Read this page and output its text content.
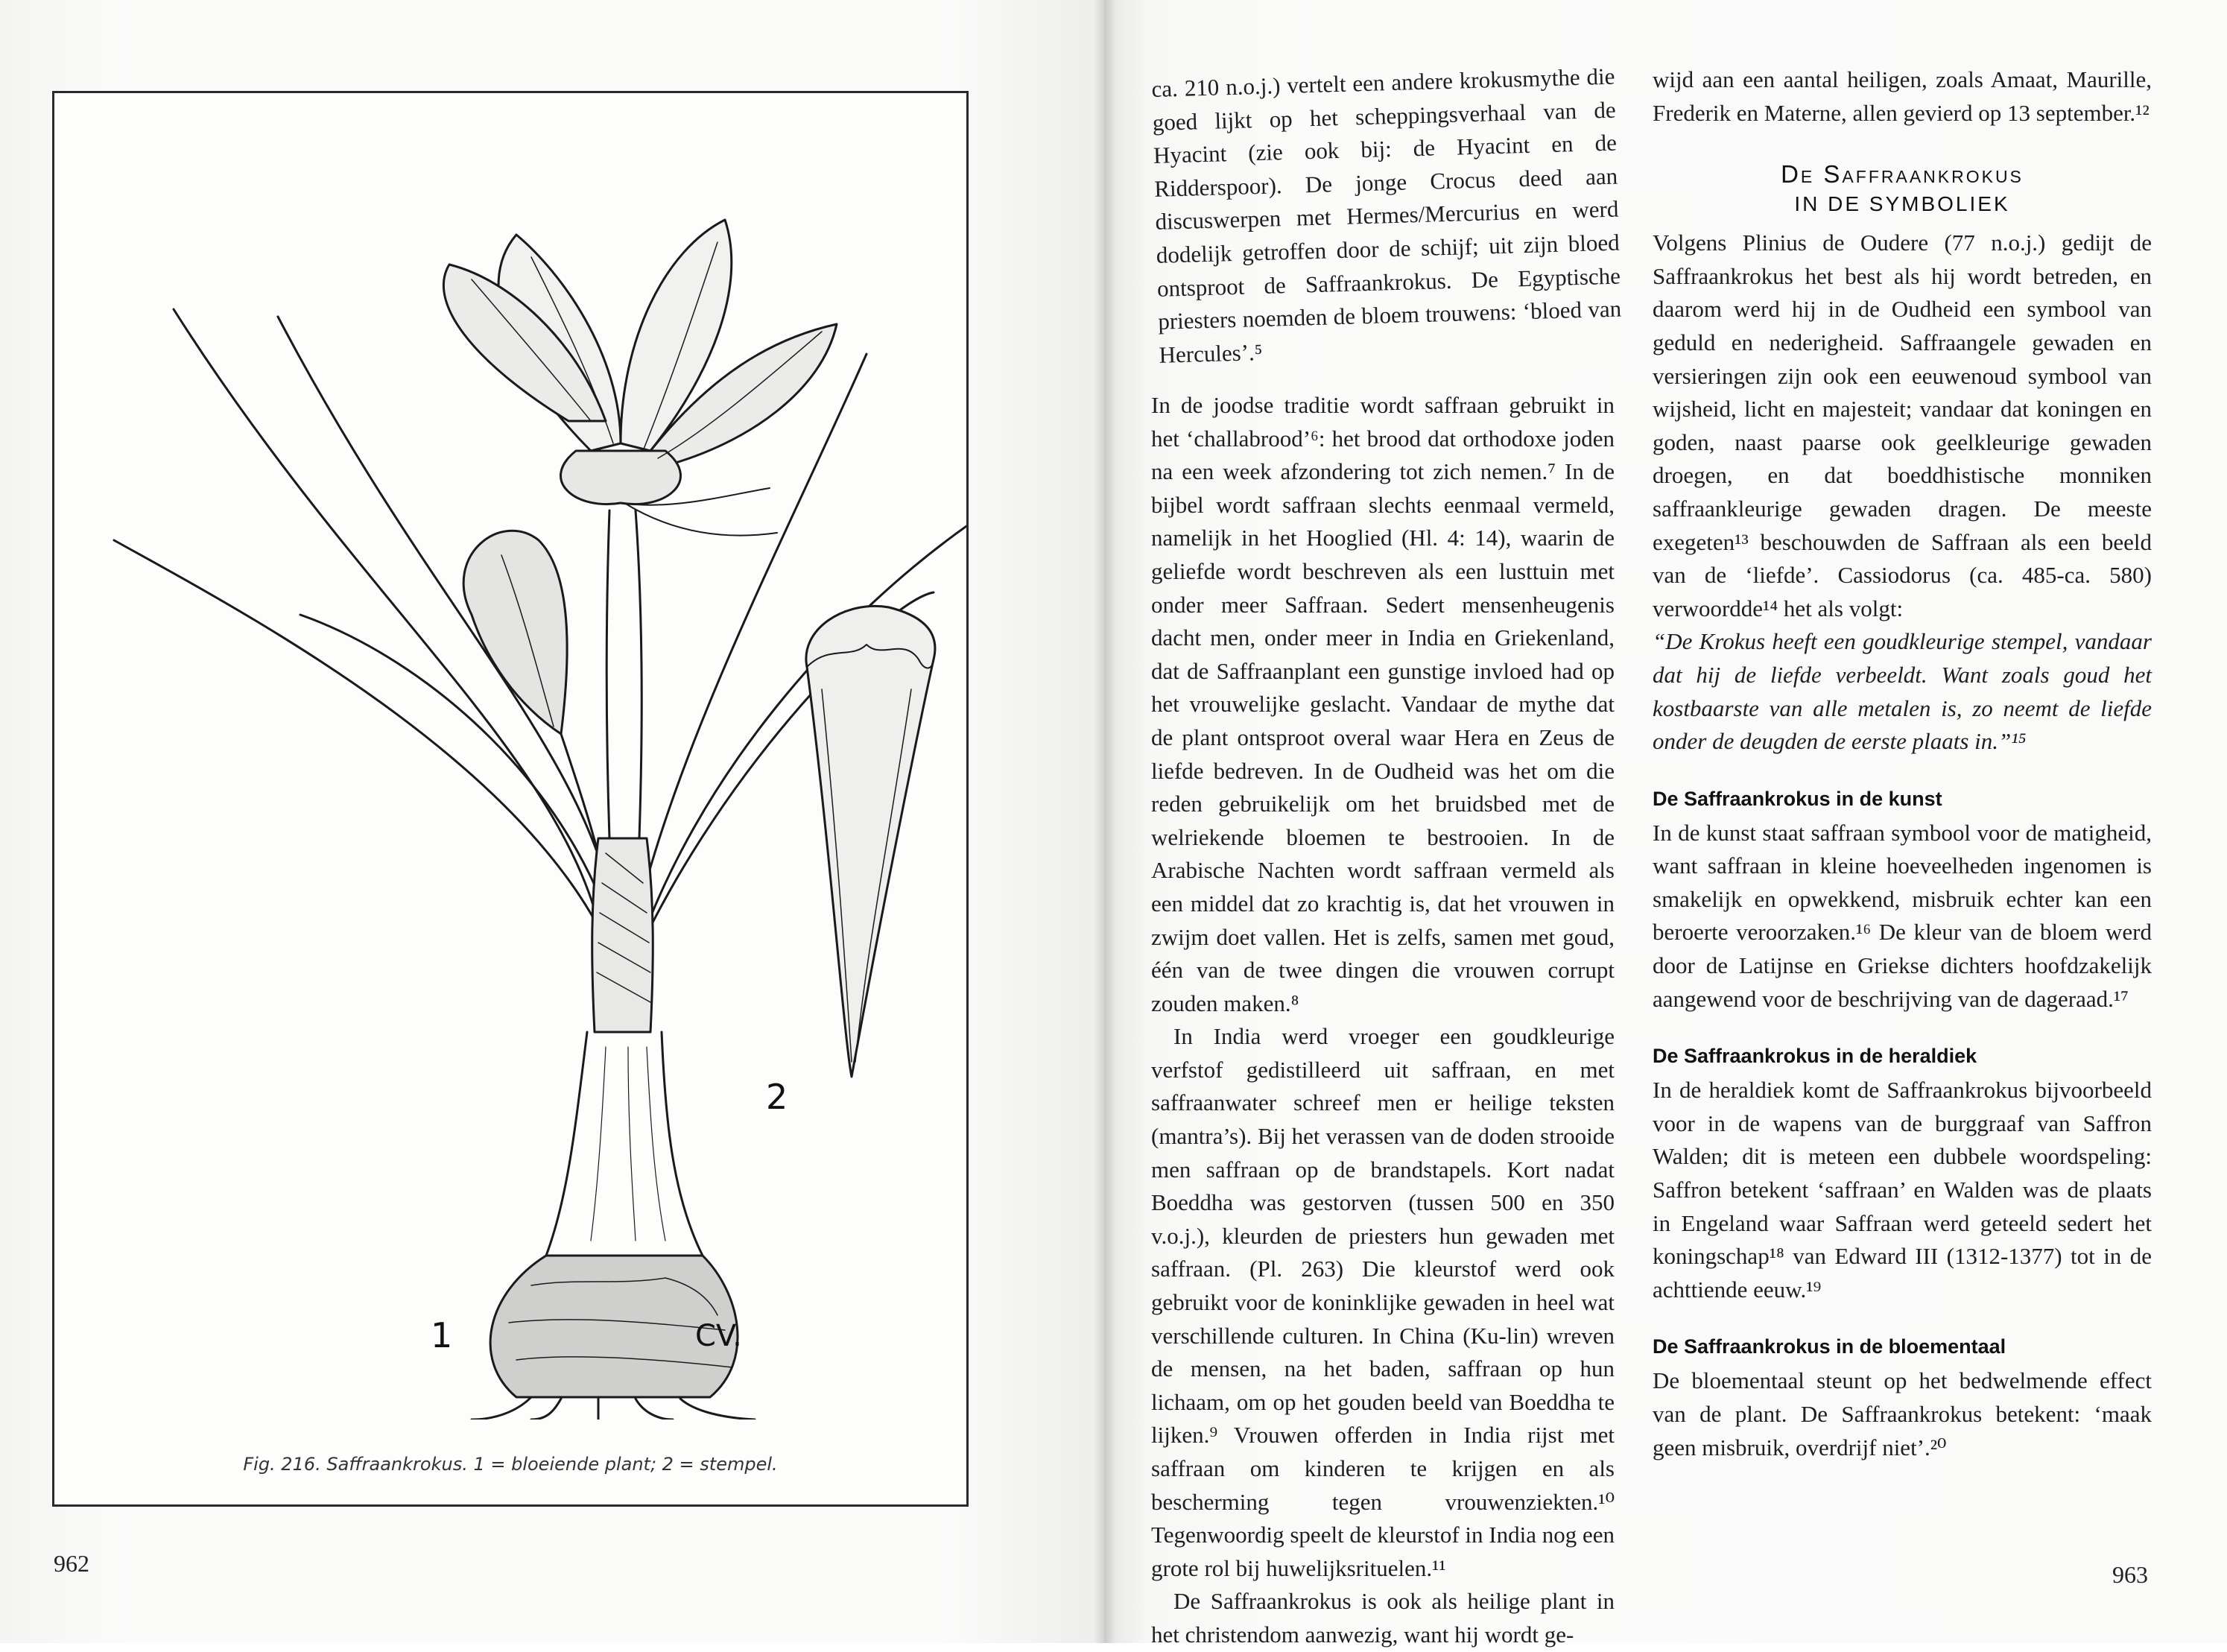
1
2
CV.
Fig. 216. Saffraankrokus. 1 = bloeiende plant; 2 = stempel.
962

ca. 210 n.o.j.) vertelt een andere krokusmythe die goed lijkt op het scheppingsverhaal van de Hyacint (zie ook bij: de Hyacint en de Ridderspoor). De jonge Crocus deed aan discuswerpen met Hermes/Mercurius en werd dodelijk getroffen door de schijf; uit zijn bloed ontsproot de Saffraankrokus. De Egyptische priesters noemden de bloem trouwens: ‘bloed van Hercules’.⁵

In de joodse traditie wordt saffraan gebruikt in het ‘challabrood’⁶: het brood dat orthodoxe joden na een week afzondering tot zich nemen.⁷ In de bijbel wordt saffraan slechts eenmaal vermeld, namelijk in het Hooglied (Hl. 4: 14), waarin de geliefde wordt beschreven als een lusttuin met onder meer Saffraan. Sedert mensenheugenis dacht men, onder meer in India en Griekenland, dat de Saffraanplant een gunstige invloed had op het vrouwelijke geslacht. Vandaar de mythe dat de plant ontsproot overal waar Hera en Zeus de liefde bedreven. In de Oudheid was het om die reden gebruikelijk om het bruidsbed met de welriekende bloemen te bestrooien. In de Arabische Nachten wordt saffraan vermeld als een middel dat zo krachtig is, dat het vrouwen in zwijm doet vallen. Het is zelfs, samen met goud, één van de twee dingen die vrouwen corrupt zouden maken.⁸

In India werd vroeger een goudkleurige verfstof gedistilleerd uit saffraan, en met saffraanwater schreef men er heilige teksten (mantra’s). Bij het verassen van de doden strooide men saffraan op de brandstapels. Kort nadat Boeddha was gestorven (tussen 500 en 350 v.o.j.), kleurden de priesters hun gewaden met saffraan. (Pl. 263) Die kleurstof werd ook gebruikt voor de koninklijke gewaden in heel wat verschillende culturen. In China (Ku-lin) wreven de mensen, na het baden, saffraan op hun lichaam, om op het gouden beeld van Boeddha te lijken.⁹ Vrouwen offerden in India rijst met saffraan om kinderen te krijgen en als bescherming tegen vrouwenziekten.¹⁰ Tegenwoordig speelt de kleurstof in India nog een grote rol bij huwelijksrituelen.¹¹

De Saffraankrokus is ook als heilige plant in het christendom aanwezig, want hij wordt ge-

wijd aan een aantal heiligen, zoals Amaat, Maurille, Frederik en Materne, allen gevierd op 13 september.¹²

De Saffraankrokus
IN DE SYMBOLIEK

Volgens Plinius de Oudere (77 n.o.j.) gedijt de Saffraankrokus het best als hij wordt betreden, en daarom werd hij in de Oudheid een symbool van geduld en nederigheid. Saffraangele gewaden en versieringen zijn ook een eeuwenoud symbool van wijsheid, licht en majesteit; vandaar dat koningen en goden, naast paarse ook geelkleurige gewaden droegen, en dat boeddhistische monniken saffraankleurige gewaden dragen. De meeste exegeten¹³ beschouwden de Saffraan als een beeld van de ‘liefde’. Cassiodorus (ca. 485-ca. 580) verwoordde¹⁴ het als volgt:

“De Krokus heeft een goudkleurige stempel, vandaar dat hij de liefde verbeeldt. Want zoals goud het kostbaarste van alle metalen is, zo neemt de liefde onder de deugden de eerste plaats in.”¹⁵

De Saffraankrokus in de kunst

In de kunst staat saffraan symbool voor de matigheid, want saffraan in kleine hoeveelheden ingenomen is smakelijk en opwekkend, misbruik echter kan een beroerte veroorzaken.¹⁶ De kleur van de bloem werd door de Latijnse en Griekse dichters hoofdzakelijk aangewend voor de beschrijving van de dageraad.¹⁷

De Saffraankrokus in de heraldiek

In de heraldiek komt de Saffraankrokus bijvoorbeeld voor in de wapens van de burggraaf van Saffron Walden; dit is meteen een dubbele woordspeling: Saffron betekent ‘saffraan’ en Walden was de plaats in Engeland waar Saffraan werd geteeld sedert het koningschap¹⁸ van Edward III (1312-1377) tot in de achttiende eeuw.¹⁹

De Saffraankrokus in de bloementaal

De bloementaal steunt op het bedwelmende effect van de plant. De Saffraankrokus betekent: ‘maak geen misbruik, overdrijf niet’.²⁰

963
